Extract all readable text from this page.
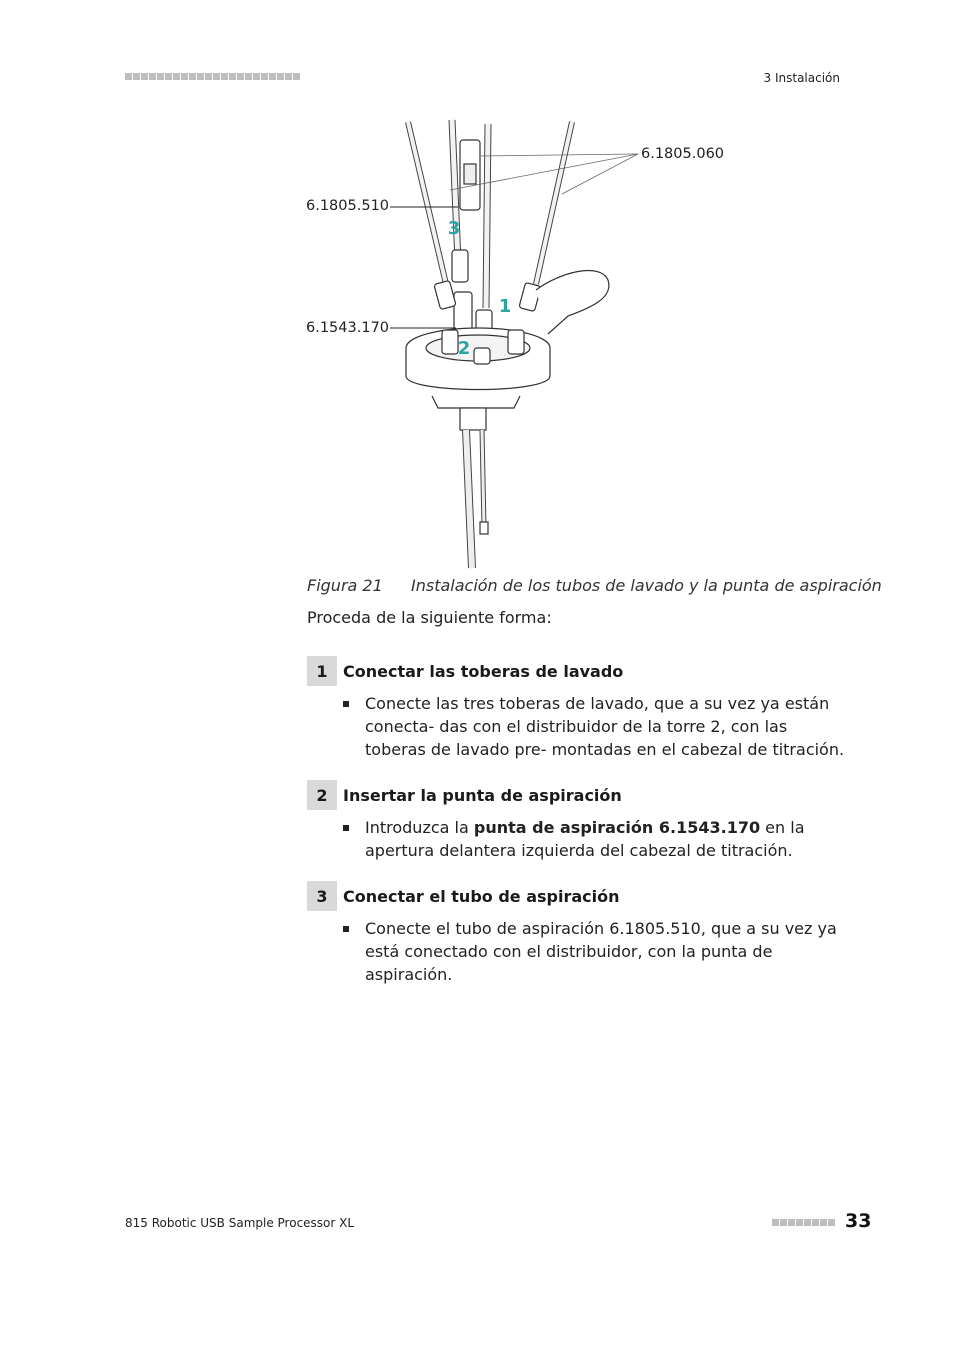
3 Instalación
3
1
2
6.1805.060
6.1805.510
6.1543.170
Figura 21 Instalación de los tubos de lavado y la punta de aspiración
Proceda de la siguiente forma:
1 Conectar las toberas de lavado
Conecte las tres toberas de lavado, que a su vez ya están conecta- das con el distribuidor de la torre 2, con las toberas de lavado pre- montadas en el cabezal de titración.
2 Insertar la punta de aspiración
Introduzca la punta de aspiración 6.1543.170 en la apertura delantera izquierda del cabezal de titración.
3 Conectar el tubo de aspiración
Conecte el tubo de aspiración 6.1805.510, que a su vez ya está conectado con el distribuidor, con la punta de aspiración.
815 Robotic USB Sample Processor XL	33
